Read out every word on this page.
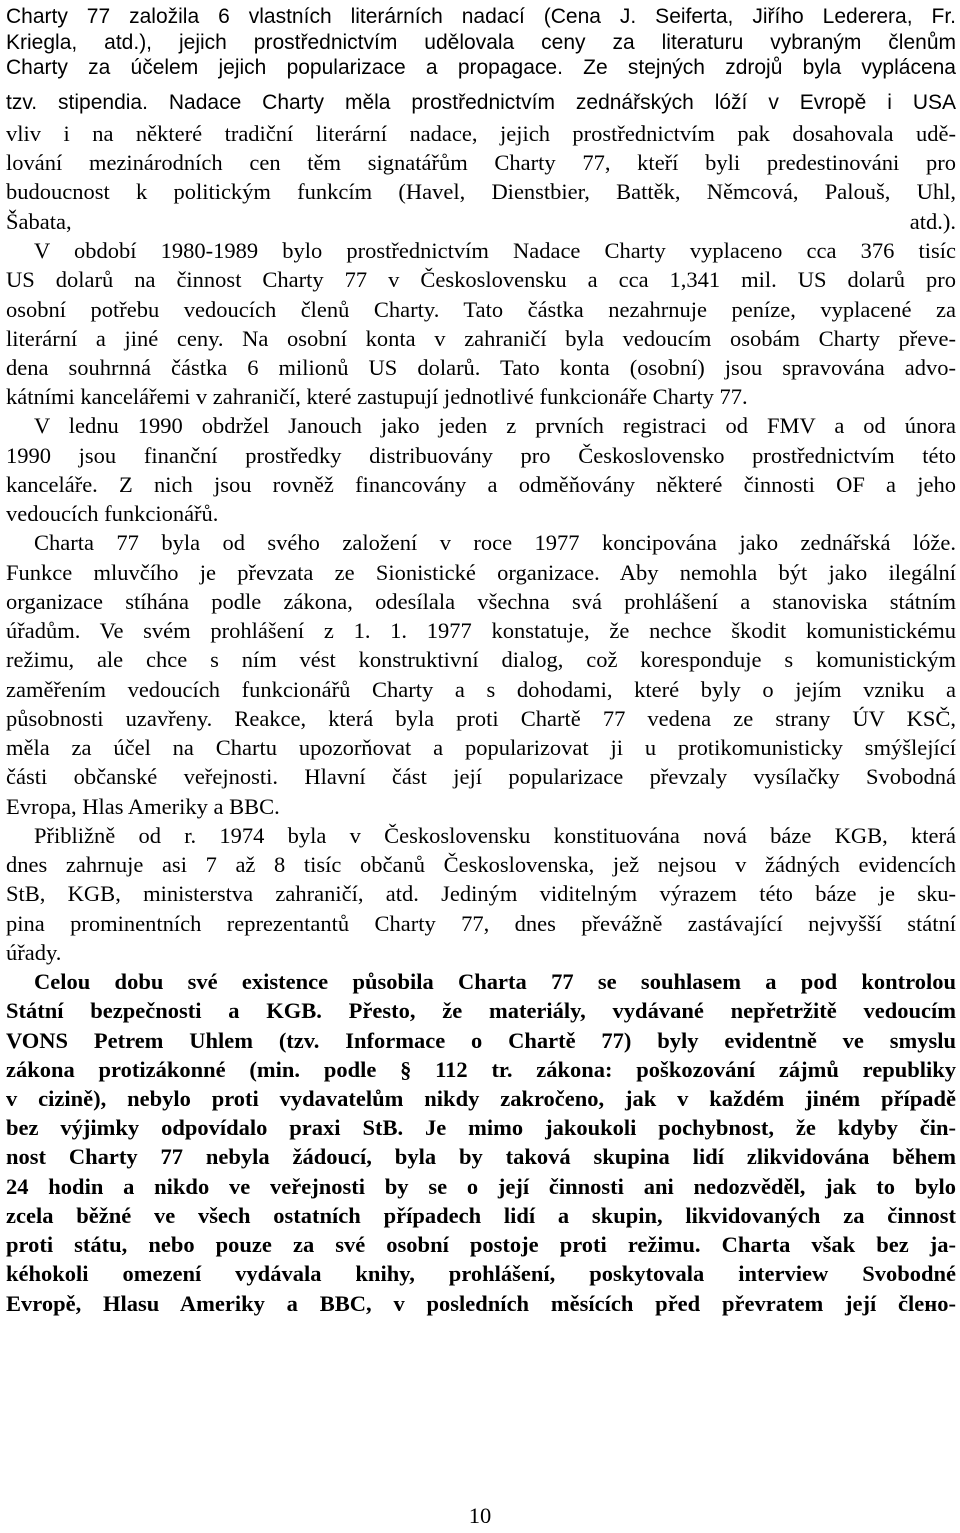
Charty 77 založila 6 vlastních literárních nadací (Cena J. Seiferta, Jiřího Lederera, Fr.
Kriegla, atd.), jejich prostřednictvím udělovala ceny za literaturu vybraným členům
Charty za účelem jejich popularizace a propagace. Ze stejných zdrojů byla vyplácena
tzv. stipendia. Nadace Charty měla prostřednictvím zednářských lóží v Evropě i USA
vliv i na některé tradiční literární nadace, jejich prostřednictvím pak dosahovala udě-
lování mezinárodních cen těm signatářům Charty 77, kteří byli predestinováni pro
budoucnost k politickým funkcím (Havel, Dienstbier, Battěk, Němcová, Palouš, Uhl,
Šabata, atd.).
V období 1980-1989 bylo prostřednictvím Nadace Charty vyplaceno cca 376 tisíc
US dolarů na činnost Charty 77 v Československu a cca 1,341 mil. US dolarů pro
osobní potřebu vedoucích členů Charty. Tato částka nezahrnuje peníze, vyplacené za
literární a jiné ceny. Na osobní konta v zahraničí byla vedoucím osobám Charty převe-
dena souhrnná částka 6 milionů US dolarů. Tato konta (osobní) jsou spravována advo-
kátními kancelářemi v zahraničí, které zastupují jednotlivé funkcionáře Charty 77.
V lednu 1990 obdržel Janouch jako jeden z prvních registraci od FMV a od února
1990 jsou finanční prostředky distribuovány pro Československo prostřednictvím této
kanceláře. Z nich jsou rovněž financovány a odměňovány některé činnosti OF a jeho
vedoucích funkcionářů.
Charta 77 byla od svého založení v roce 1977 koncipována jako zednářská lóže.
Funkce mluvčího je převzata ze Sionistické organizace. Aby nemohla být jako ilegální
organizace stíhána podle zákona, odesílala všechna svá prohlášení a stanoviska státním
úřadům. Ve svém prohlášení z 1. 1. 1977 konstatuje, že nechce škodit komunistickému
režimu, ale chce s ním vést konstruktivní dialog, což koresponduje s komunistickým
zaměřením vedoucích funkcionářů Charty a s dohodami, které byly o jejím vzniku a
působnosti uzavřeny. Reakce, která byla proti Chartě 77 vedena ze strany ÚV KSČ,
měla za účel na Chartu upozorňovat a popularizovat ji u protikomunisticky smýšlející
části občanské veřejnosti. Hlavní část její popularizace převzaly vysílačky Svobodná
Evropa, Hlas Ameriky a BBC.
Přibližně od r. 1974 byla v Československu konstituována nová báze KGB, která
dnes zahrnuje asi 7 až 8 tisíc občanů Československa, jež nejsou v žádných evidencích
StB, KGB, ministerstva zahraničí, atd. Jediným viditelným výrazem této báze je sku-
pina prominentních reprezentantů Charty 77, dnes převážně zastávající nejvyšší státní
úřady.
Celou dobu své existence působila Charta 77 se souhlasem a pod kontrolou
Státní bezpečnosti a KGB. Přesto, že materiály, vydávané nepřetržitě vedoucím
VONS Petrem Uhlem (tzv. Informace o Chartě 77) byly evidentně ve smyslu
zákona protizákonné (min. podle § 112 tr. zákona: poškozování zájmů republiky
v cizině), nebylo proti vydavatelům nikdy zakročeno, jak v každém jiném případě
bez výjimky odpovídalo praxi StB. Je mimo jakoukoli pochybnost, že kdyby čin-
nost Charty 77 nebyla žádoucí, byla by taková skupina lidí zlikvidována během
24 hodin a nikdo ve veřejnosti by se o její činnosti ani nedozvěděl, jak to bylo
zcela běžné ve všech ostatních případech lidí a skupin, likvidovaných za činnost
proti státu, nebo pouze za své osobní postoje proti režimu. Charta však bez ja-
kéhokoli omezení vydávala knihy, prohlášení, poskytovala interview Svobodné
Evropě, Hlasu Ameriky a BBC, v posledních měsících před převratem její člено-
10
